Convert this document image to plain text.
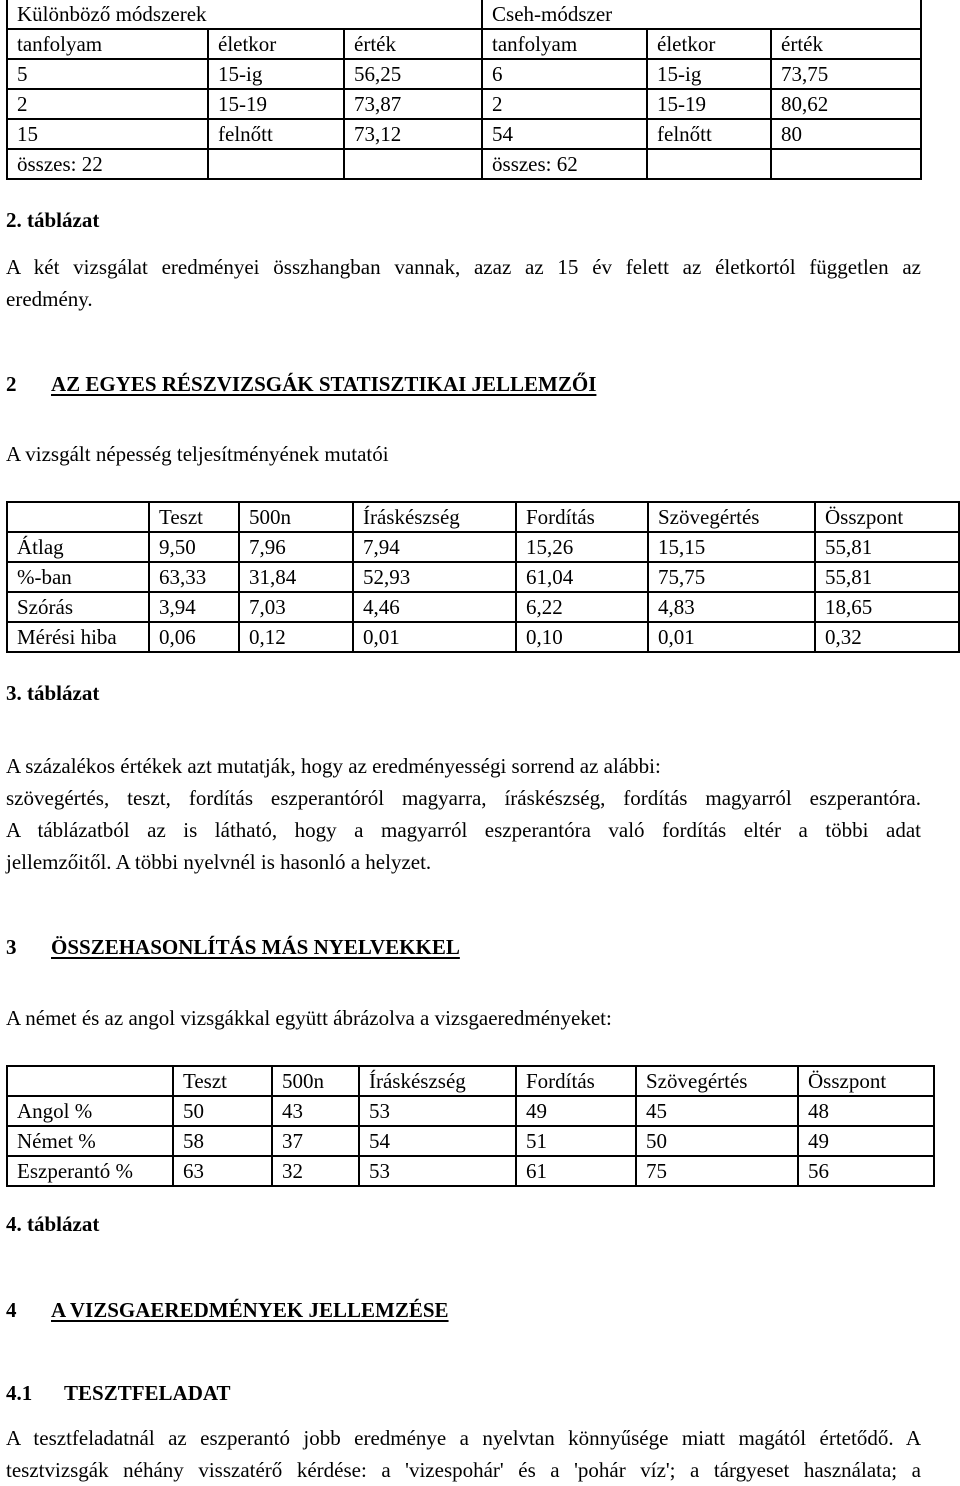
Különböző módszerek			Cseh-módszer		
tanfolyam	életkor	érték	tanfolyam	életkor	érték
5	15-ig	56,25	6	15-ig	73,75
2	15-19	73,87	2	15-19	80,62
15	felnőtt	73,12	54	felnőtt	80
összes: 22			összes: 62		
2. táblázat
A két vizsgálat eredményei összhangban vannak, azaz az 15 év felett az életkortól független az
eredmény.
2 AZ EGYES RÉSZVIZSGÁK STATISZTIKAI JELLEMZŐI
A vizsgált népesség teljesítményének mutatói
	Teszt	500n	Íráskészség	Fordítás	Szövegértés	Összpont
Átlag	9,50	7,96	7,94	15,26	15,15	55,81
%-ban	63,33	31,84	52,93	61,04	75,75	55,81
Szórás	3,94	7,03	4,46	6,22	4,83	18,65
Mérési hiba	0,06	0,12	0,01	0,10	0,01	0,32
3. táblázat
A százalékos értékek azt mutatják, hogy az eredményességi sorrend az alábbi:
szövegértés, teszt, fordítás eszperantóról magyarra, íráskészség, fordítás magyarról eszperantóra.
A táblázatból az is látható, hogy a magyarról eszperantóra való fordítás eltér a többi adat
jellemzőitől. A többi nyelvnél is hasonló a helyzet.
3 ÖSSZEHASONLÍTÁS MÁS NYELVEKKEL
A német és az angol vizsgákkal együtt ábrázolva a vizsgaeredményeket:
	Teszt	500n	Íráskészség	Fordítás	Szövegértés	Összpont
Angol %	50	43	53	49	45	48
Német %	58	37	54	51	50	49
Eszperantó %	63	32	53	61	75	56
4. táblázat
4 A VIZSGAEREDMÉNYEK JELLEMZÉSE
4.1 TESZTFELADAT
A tesztfeladatnál az eszperantó jobb eredménye a nyelvtan könnyűsége miatt magától értetődő. A
tesztvizsgák néhány visszatérő kérdése: a 'vizespohár' és a 'pohár víz'; a tárgyeset használata; a
